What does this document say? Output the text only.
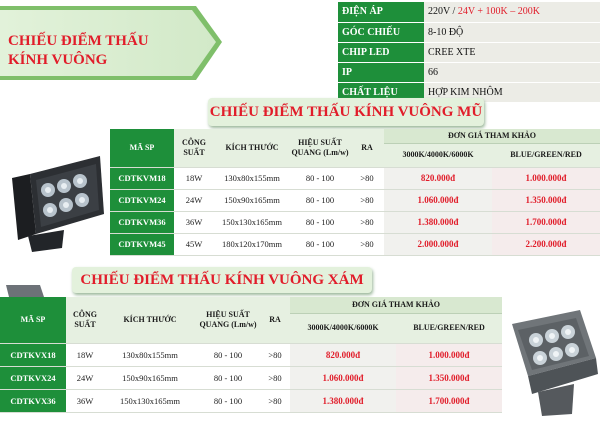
CHIẾU ĐIỂM THẤU
KÍNH VUÔNG
ĐIỆN ÁP	220V / 24V + 100K – 200K
GÓC CHIẾU	8-10 ĐỘ
CHIP LED	CREE XTE
IP	66
CHẤT LIỆU	HỢP KIM NHÔM
CHIẾU ĐIỂM THẤU KÍNH VUÔNG MŨ
MÃ SP	CÔNG SUẤT	KÍCH THƯỚC	HIỆU SUẤT QUANG (Lm/w)	RA	ĐƠN GIÁ THAM KHẢO	
					3000K/4000K/6000K	BLUE/GREEN/RED
CDTKVM18	18W	130x80x155mm	80 - 100	>80	820.000đ	1.000.000đ
CDTKVM24	24W	150x90x165mm	80 - 100	>80	1.060.000đ	1.350.000đ
CDTKVM36	36W	150x130x165mm	80 - 100	>80	1.380.000đ	1.700.000đ
CDTKVM45	45W	180x120x170mm	80 - 100	>80	2.000.000đ	2.200.000đ
CHIẾU ĐIỂM THẤU KÍNH VUÔNG XÁM
MÃ SP	CÔNG SUẤT	KÍCH THƯỚC	HIỆU SUẤT QUANG (Lm/w)	RA	ĐƠN GIÁ THAM KHẢO	
					3000K/4000K/6000K	BLUE/GREEN/RED
CDTKVX18	18W	130x80x155mm	80 - 100	>80	820.000đ	1.000.000đ
CDTKVX24	24W	150x90x165mm	80 - 100	>80	1.060.000đ	1.350.000đ
CDTKVX36	36W	150x130x165mm	80 - 100	>80	1.380.000đ	1.700.000đ
